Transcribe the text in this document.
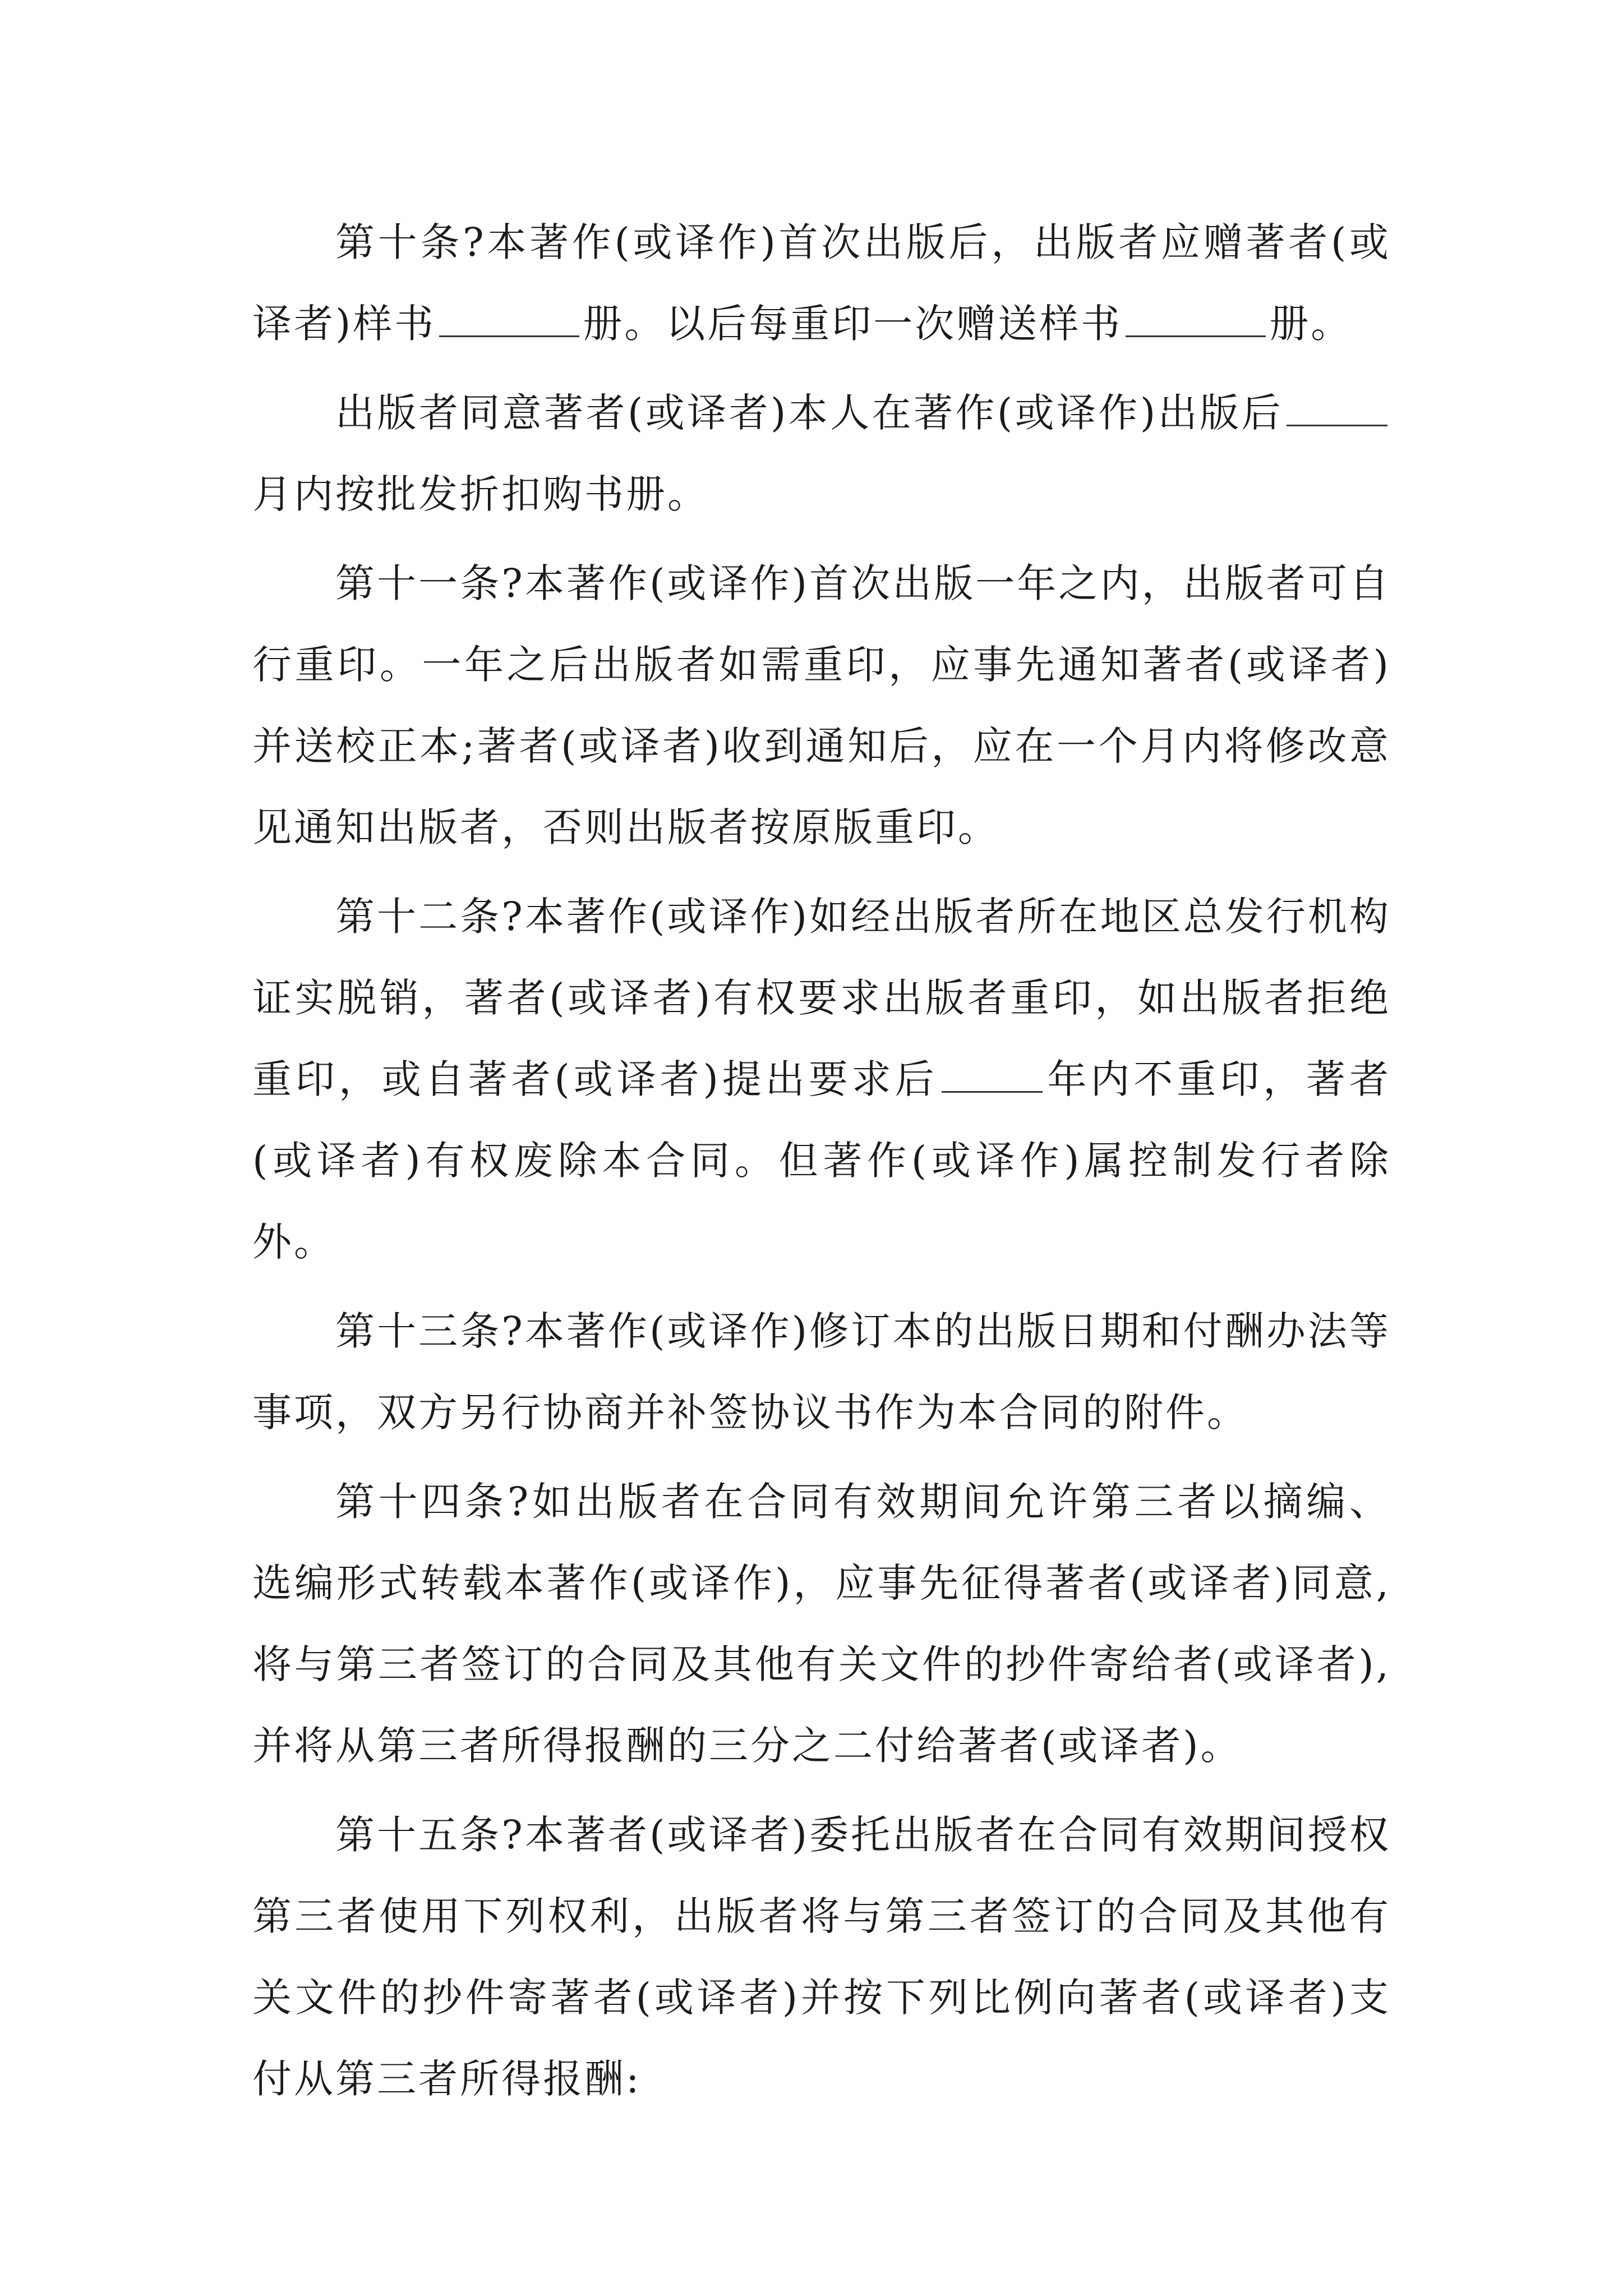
第十条?本著作(或译作)首次出版后，出版者应赠著者(或译者)样书	册。以后每重印一次赠送样书	册。

出版者同意著者(或译者)本人在著作(或译作)出版后月内按批发折扣购书册。

第十一条?本著作(或译作)首次出版一年之内，出版者可自行重印。一年之后出版者如需重印，应事先通知著者(或译者)并送校正本;著者(或译者)收到通知后，应在一个月内将修改意见通知出版者，否则出版者按原版重印。

第十二条?本著作(或译作)如经出版者所在地区总发行机构证实脱销，著者(或译者)有权要求出版者重印，如出版者拒绝重印，或自著者(或译者)提出要求后	年内不重印，著者(或译者)有权废除本合同。但著作(或译作)属控制发行者除外。

第十三条?本著作(或译作)修订本的出版日期和付酬办法等事项，双方另行协商并补签协议书作为本合同的附件。

第十四条?如出版者在合同有效期间允许第三者以摘编、选编形式转载本著作(或译作)，应事先征得著者(或译者)同意,将与第三者签订的合同及其他有关文件的抄件寄给者(或译者),并将从第三者所得报酬的三分之二付给著者(或译者)。

第十五条?本著者(或译者)委托出版者在合同有效期间授权第三者使用下列权利，出版者将与第三者签订的合同及其他有关文件的抄件寄著者(或译者)并按下列比例向著者(或译者)支付从第三者所得报酬:
